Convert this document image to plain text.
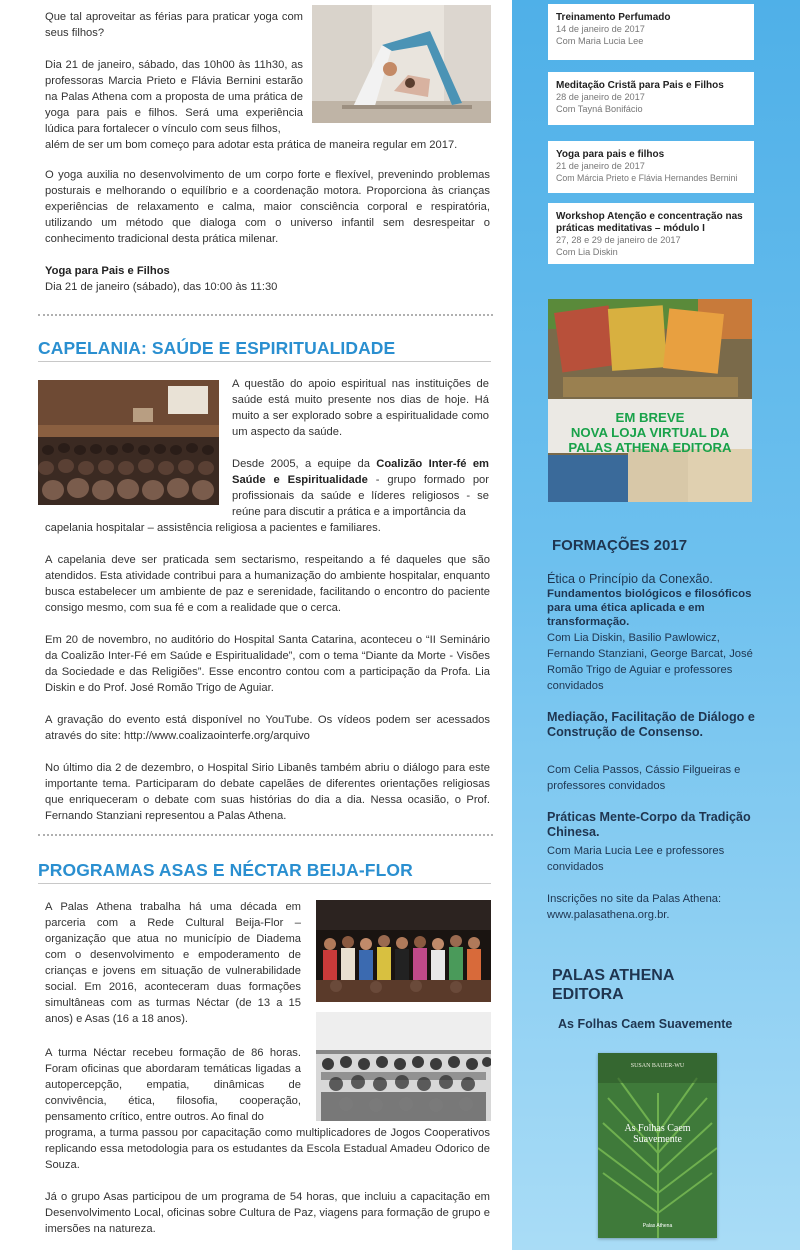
Que tal aproveitar as férias para praticar yoga com seus filhos?

Dia 21 de janeiro, sábado, das 10h00 às 11h30, as professoras Marcia Prieto e Flávia Bernini estarão na Palas Athena com a proposta de uma prática de yoga para pais e filhos. Será uma experiência lúdica para fortalecer o vínculo com seus filhos,

além de ser um bom começo para adotar esta prática de maneira regular em 2017.

O yoga auxilia no desenvolvimento de um corpo forte e flexível, prevenindo problemas posturais e melhorando o equilíbrio e a coordenação motora. Proporciona às crianças experiências de relaxamento e calma, maior consciência corporal e respiratória, utilizando um método que dialoga com o universo infantil sem desrespeitar o conhecimento tradicional desta prática milenar.

Yoga para Pais e Filhos

Dia 21 de janeiro (sábado), das 10:00 às 11:30

CAPELANIA: SAÚDE E ESPIRITUALIDADE

A questão do apoio espiritual nas instituições de saúde está muito presente nos dias de hoje. Há muito a ser explorado sobre a espiritualidade como um aspecto da saúde.

Desde 2005, a equipe da Coalizão Inter-fé em Saúde e Espiritualidade - grupo formado por profissionais da saúde e líderes religiosos - se reúne para discutir a prática e a importância da

capelania hospitalar – assistência religiosa a pacientes e familiares.

A capelania deve ser praticada sem sectarismo, respeitando a fé daqueles que são atendidos. Esta atividade contribui para a humanização do ambiente hospitalar, enquanto busca estabelecer um ambiente de paz e serenidade, facilitando o encontro do paciente consigo mesmo, com sua fé e com a realidade que o cerca.

Em 20 de novembro, no auditório do Hospital Santa Catarina, aconteceu o “II Seminário da Coalizão Inter-Fé em Saúde e Espiritualidade”, com o tema “Diante da Morte - Visões da Sociedade e das Religiões”. Esse encontro contou com a participação da Profa. Lia Diskin e do Prof. José Romão Trigo de Aguiar.

A gravação do evento está disponível no YouTube. Os vídeos podem ser acessados através do site: http://www.coalizaointerfe.org/arquivo

No último dia 2 de dezembro, o Hospital Sirio Libanês também abriu o diálogo para este importante tema. Participaram do debate capelães de diferentes orientações religiosas que enriqueceram o debate com suas histórias do dia a dia. Nessa ocasião, o Prof. Fernando Stanziani representou a Palas Athena.

PROGRAMAS ASAS E NÉCTAR BEIJA-FLOR

A Palas Athena trabalha há uma década em parceria com a Rede Cultural Beija-Flor – organização que atua no município de Diadema com o desenvolvimento e empoderamento de crianças e jovens em situação de vulnerabilidade social. Em 2016, aconteceram duas formações simultâneas com as turmas Néctar (de 13 a 15 anos) e Asas (16 a 18 anos).

A turma Néctar recebeu formação de 86 horas. Foram oficinas que abordaram temáticas ligadas a autopercepção, empatia, dinâmicas de convivência, ética, filosofia, cooperação, pensamento crítico, entre outros. Ao final do

programa, a turma passou por capacitação como multiplicadores de Jogos Cooperativos replicando essa metodologia para os estudantes da Escola Estadual Amadeu Odorico de Souza.

Já o grupo Asas participou de um programa de 54 horas, que incluiu a capacitação em Desenvolvimento Local, oficinas sobre Cultura de Paz, viagens para formação de grupo e imersões na natureza.

Treinamento Perfumado
14 de janeiro de 2017
Com Maria Lucia Lee
Meditação Cristã para Pais e Filhos
28 de janeiro de 2017
Com Tayná Bonifácio
Yoga para pais e filhos
21 de janeiro de 2017
Com Márcia Prieto e Flávia Hernandes Bernini
Workshop Atenção e concentração nas práticas meditativas – módulo I
27, 28 e 29 de janeiro de 2017
Com Lia Diskin
EM BREVE
NOVA LOJA VIRTUAL DA
PALAS ATHENA EDITORA
FORMAÇÕES 2017
Ética o Princípio da Conexão.
Fundamentos biológicos e filosóficos para uma ética aplicada e em transformação.
Com Lia Diskin, Basilio Pawlowicz, Fernando Stanziani, George Barcat, José Romão Trigo de Aguiar e professores convidados
Mediação, Facilitação de Diálogo e Construção de Consenso.
Com Celia Passos, Cássio Filgueiras e professores convidados
Práticas Mente-Corpo da Tradição Chinesa.
Com Maria Lucia Lee e professores convidados
Inscrições no site da Palas Athena: www.palasathena.org.br.
PALAS ATHENA
EDITORA
As Folhas Caem Suavemente
SUSAN BAUER-WU
As Folhas Caem
Suavemente
Palas Athena
